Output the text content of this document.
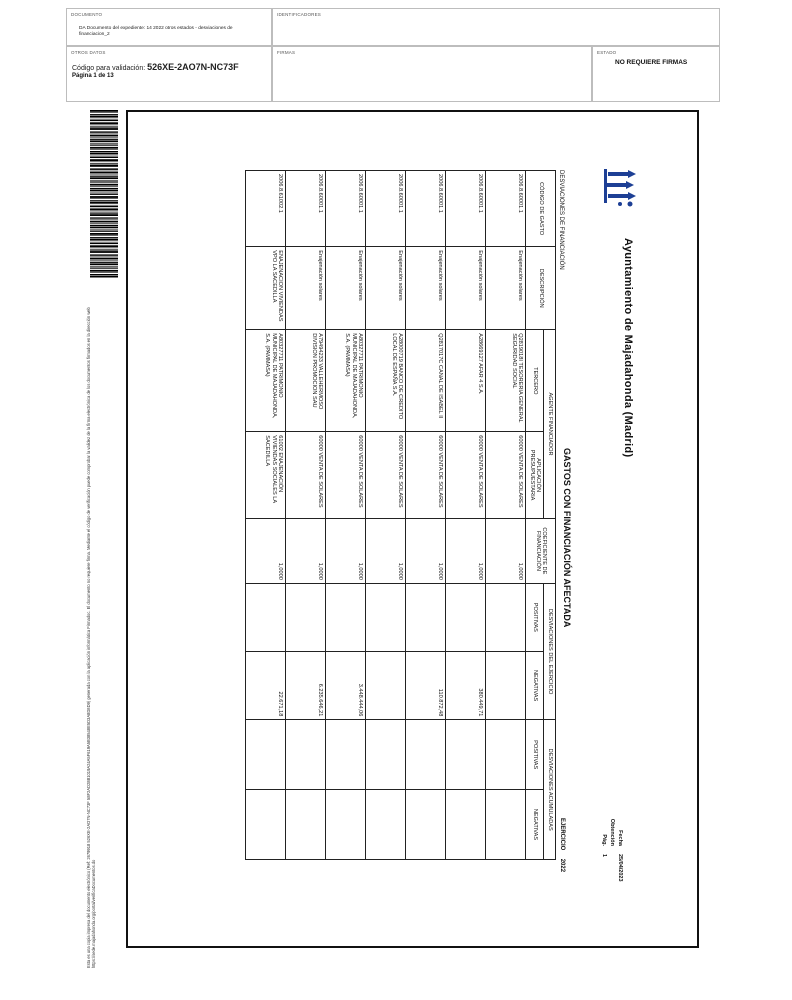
DOCUMENTO
DA Documento del expediente: 14 2022 otros estados - desviaciones de financiacion_2
IDENTIFICADORES
OTROS DATOS
Código para validación: 526XE-2AO7N-NC73F
Página 1 de 13
FIRMAS	ESTADO
NO REQUIERE FIRMAS
Esta es una copia impresa del documento electrónico (Ref: 2679918 526XE-2AO7N-NC73F 58F2AD28B1019A24A5F619A5B38548E5D3A8D8D9) generada con la aplicación informática Firmadoc. El documento no requiere firma. Mediante el código de verificación puede comprobar la validez de la firma electrónica de los documentos firmados en la dirección web https://sede.majadahonda.org/portal/verificaDocumentos.do
Ayuntamiento de Majadahonda (Madrid)
Fecha Obtención
25/04/2023
Pág.
1
GASTOS CON FINANCIACIÓN AFECTADA
EJERCICIO     2022
DESVIACIONES DE FINANCIACIÓN
CÓDIGO DE GASTO	DESCRIPCIÓN	AGENTE FINANCIADOR		COEFICIENTE DE FINANCIACIÓN	DESVIACIONES DEL EJERCICIO		DESVIACIONES ACUMULADAS	
		TERCERO	APLICACIÓN PRESUPUESTARIA		POSITIVAS	NEGATIVAS	POSITIVAS	NEGATIVAS
2006.8.60001.1	Enajenación solares	Q2819018I TESORERIA GENERAL SEGURIDAD SOCIAL	60000 VENTA DE SOLARES	1,0000				
2006.8.60001.1	Enajenación solares	A28669127 AFAR 4 S.A.	60000 VENTA DE SOLARES	1,0000		380.449,71		
2006.8.60001.1	Enajenación solares	Q2817017C CANAL DE ISABEL II	60000 VENTA DE SOLARES	1,0000		110.872,48		
2006.8.60001.1	Enajenación solares	A28000719 BANCO DE CREDITO LOCAL DE ESPAÑA S.A.	60000 VENTA DE SOLARES	1,0000				
2006.8.60001.1	Enajenación solares	A80327711 PATRIMONIO MUNICIPAL DE MAJADAHONDA, S.A. (PAMMASA)	60000 VENTA DE SOLARES	1,0000		3.448.444,06		
2006.8.60001.1	Enajenación solares	A79494233 VALLEHERMOSO DIVISION PROMOCION SAU	60000 VENTA DE SOLARES	1,0000		6.235.646,21		
2006.8.61002.1	ENAJENACION VIVIENDAS VPO LA SACEDILLA	A80327711 PATRIMONIO MUNICIPAL DE MAJADAHONDA, S.A. (PAMMASA)	61002 ENAJENACIÓN VIVIENDAS SOCIALES LA SACEDILLA	1,0000		22.671,18		
